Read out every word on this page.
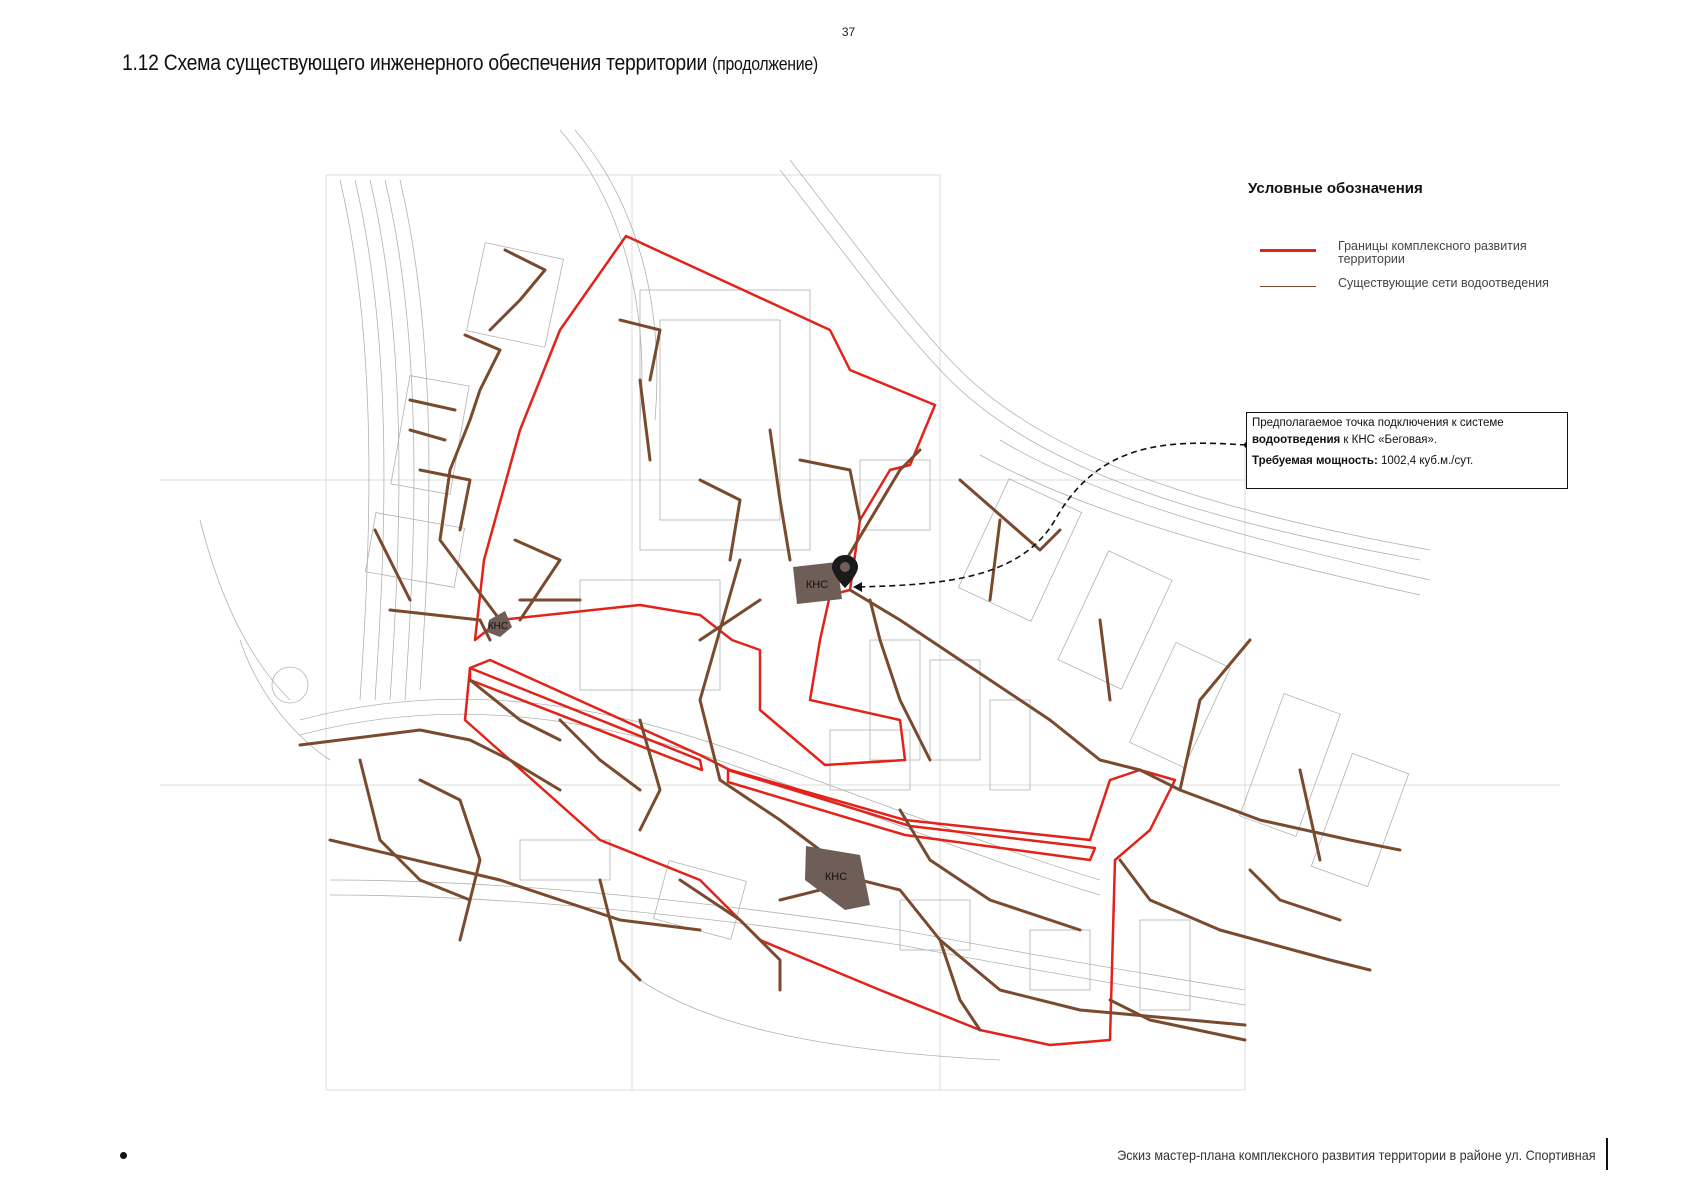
37
1.12 Схема существующего инженерного обеспечения территории (продолжение)
КНС
КНС
КНС
Условные обозначения
Границы комплексного развития территории
Существующие сети водоотведения

Предполагаемое точка подключения к системе

водоотведения к КНС «Беговая».

Требуемая мощность: 1002,4 куб.м./сут.

Эскиз мастер-плана комплексного развития территории в районе ул. Спортивная
